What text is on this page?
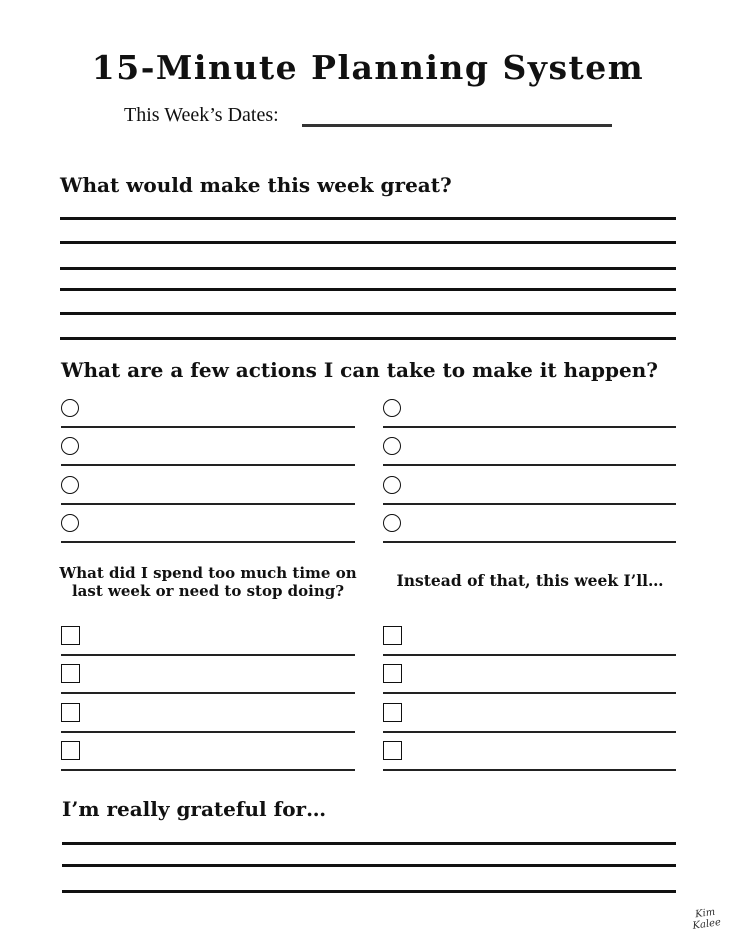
15-Minute Planning System
This Week’s Dates:
What would make this week great?
What are a few actions I can take to make it happen?
What did I spend too much time on
last week or need to stop doing?
Instead of that, this week I’ll…
I’m really grateful for…
Kim
Kalee
